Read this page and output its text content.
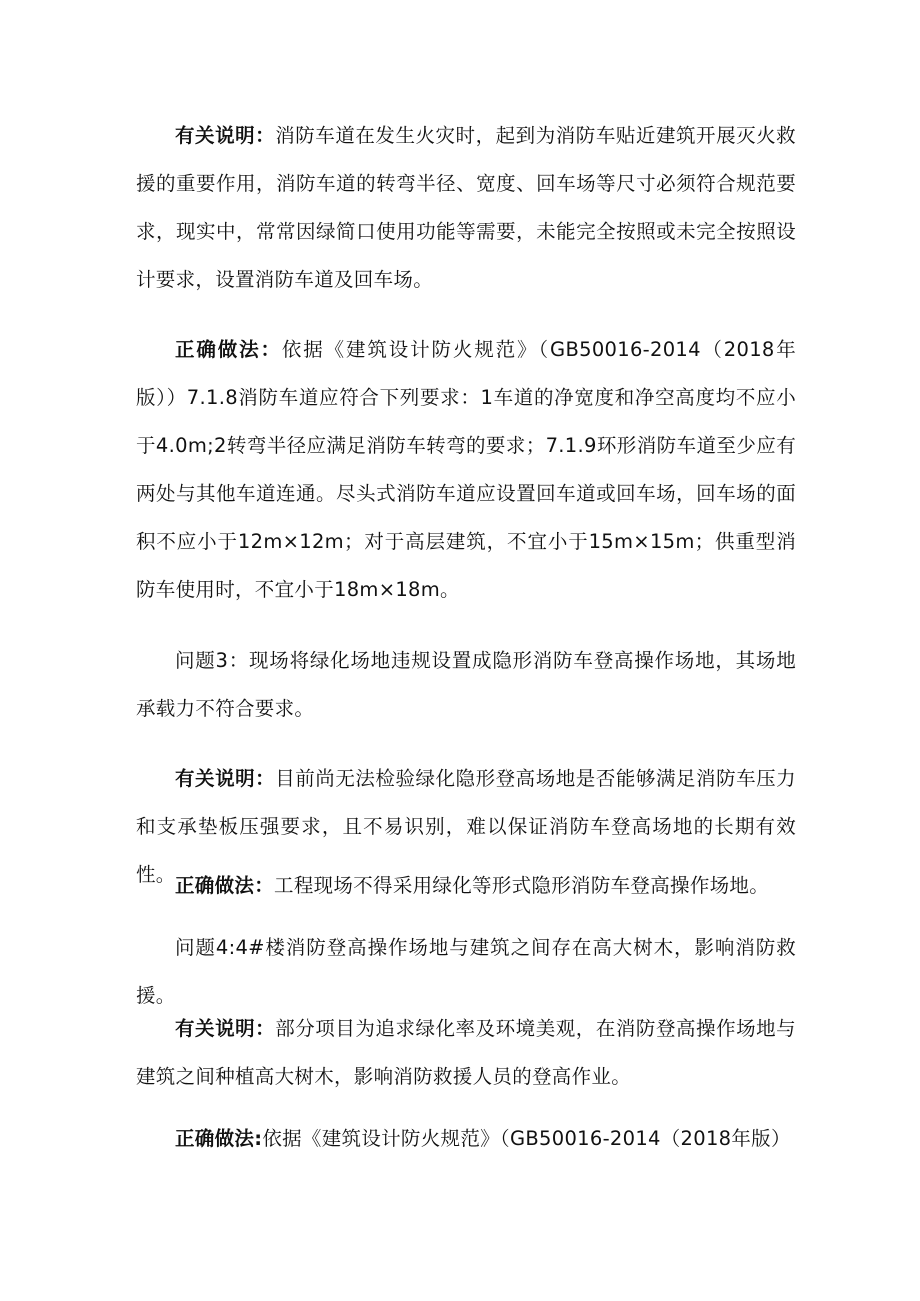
有关说明：消防车道在发生火灾时，起到为消防车贴近建筑开展灭火救援的重要作用，消防车道的转弯半径、宽度、回车场等尺寸必须符合规范要求，现实中，常常因绿简口使用功能等需要，未能完全按照或未完全按照设计要求，设置消防车道及回车场。

正确做法：依据《建筑设计防火规范》（GB50016-2014（2018年版））7.1.8消防车道应符合下列要求：1车道的净宽度和净空高度均不应小于4.0m;2转弯半径应满足消防车转弯的要求；7.1.9环形消防车道至少应有两处与其他车道连通。尽头式消防车道应设置回车道或回车场，回车场的面积不应小于12m×12m；对于高层建筑，不宜小于15m×15m；供重型消防车使用时，不宜小于18m×18m。

问题3：现场将绿化场地违规设置成隐形消防车登高操作场地，其场地承载力不符合要求。

有关说明：目前尚无法检验绿化隐形登高场地是否能够满足消防车压力和支承垫板压强要求，且不易识别，难以保证消防车登高场地的长期有效性。 正确做法：工程现场不得采用绿化等形式隐形消防车登高操作场地。

问题4:4#楼消防登高操作场地与建筑之间存在高大树木，影响消防救援。

有关说明：部分项目为追求绿化率及环境美观，在消防登高操作场地与建筑之间种植高大树木，影响消防救援人员的登高作业。

正确做法:依据《建筑设计防火规范》（GB50016-2014（2018年版）
